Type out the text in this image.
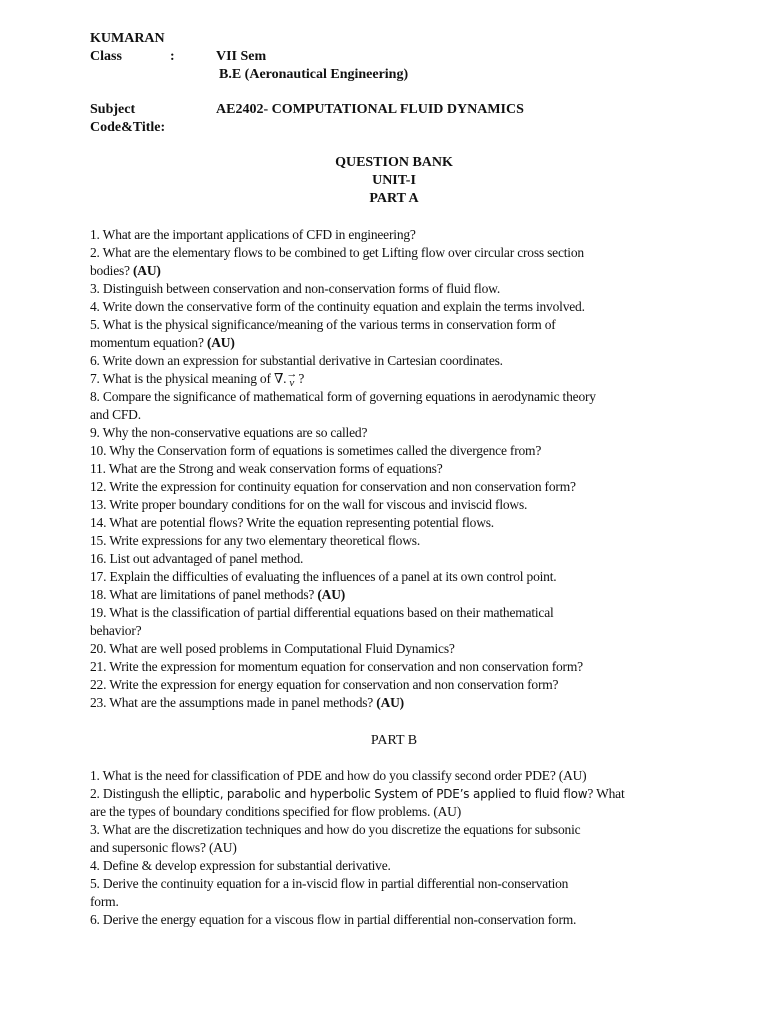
KUMARAN
Class	:	VII Sem
B.E (Aeronautical Engineering)
Subject
Code&Title:
AE2402- COMPUTATIONAL FLUID DYNAMICS
QUESTION BANK
UNIT-I
PART A
1. What are the important applications of CFD in engineering?
2. What are the elementary flows to be combined to get Lifting flow over circular cross section
bodies? (AU)
3. Distinguish between conservation and non-conservation forms of fluid flow.
4. Write down the conservative form of the continuity equation and explain the terms involved.
5. What is the physical significance/meaning of the various terms in conservation form of
momentum equation? (AU)
6. Write down an expression for substantial derivative in Cartesian coordinates.
7. What is the physical meaning of ∇. →
v ?
8. Compare the significance of mathematical form of governing equations in aerodynamic theory
and CFD.
9. Why the non-conservative equations are so called?
10. Why the Conservation form of equations is sometimes called the divergence from?
11. What are the Strong and weak conservation forms of equations?
12. Write the expression for continuity equation for conservation and non conservation form?
13. Write proper boundary conditions for on the wall for viscous and inviscid flows.
14. What are potential flows? Write the equation representing potential flows.
15. Write expressions for any two elementary theoretical flows.
16. List out advantaged of panel method.
17. Explain the difficulties of evaluating the influences of a panel at its own control point.
18. What are limitations of panel methods? (AU)
19. What is the classification of partial differential equations based on their mathematical
behavior?
20. What are well posed problems in Computational Fluid Dynamics?
21. Write the expression for momentum equation for conservation and non conservation form?
22. Write the expression for energy equation for conservation and non conservation form?
23. What are the assumptions made in panel methods? (AU)
PART B
1. What is the need for classification of PDE and how do you classify second order PDE? (AU)
2. Distingush the elliptic, parabolic and hyperbolic System of PDE’s applied to fluid flow? What
are the types of boundary conditions specified for flow problems. (AU)
3. What are the discretization techniques and how do you discretize the equations for subsonic
and supersonic flows? (AU)
4. Define & develop expression for substantial derivative.
5. Derive the continuity equation for a in-viscid flow in partial differential non-conservation
form.
6. Derive the energy equation for a viscous flow in partial differential non-conservation form.
